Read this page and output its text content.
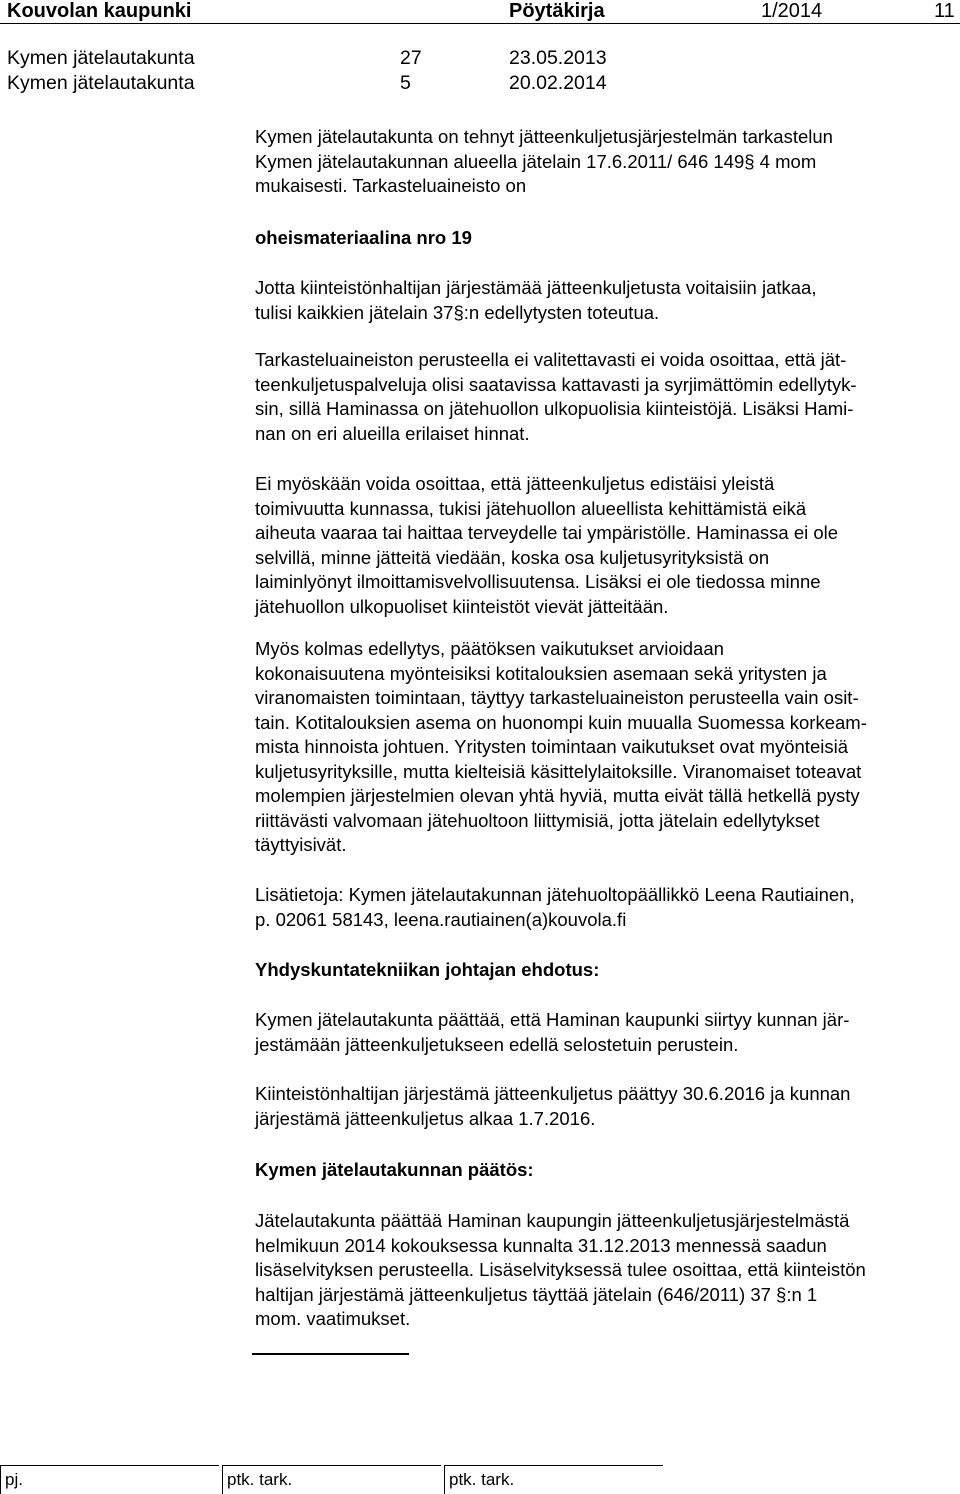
Kouvolan kaupunki	Pöytäkirja	1/2014	11
Kymen jätelautakunta	27	23.05.2013
Kymen jätelautakunta	5	20.02.2014

Kymen jätelautakunta on tehnyt jätteenkuljetusjärjestelmän tarkastelun
Kymen jätelautakunnan alueella jätelain 17.6.2011/ 646 149§ 4 mom
mukaisesti. Tarkasteluaineisto on

oheismateriaalina nro 19

Jotta kiinteistönhaltijan järjestämää jätteenkuljetusta voitaisiin jatkaa,
tulisi kaikkien jätelain 37§:n edellytysten toteutua.

Tarkasteluaineiston perusteella ei valitettavasti ei voida osoittaa, että jät-
teenkuljetuspalveluja olisi saatavissa kattavasti ja syrjimättömin edellytyk-
sin, sillä Haminassa on jätehuollon ulkopuolisia kiinteistöjä. Lisäksi Hami-
nan on eri alueilla erilaiset hinnat.

Ei myöskään voida osoittaa, että jätteenkuljetus edistäisi yleistä
toimivuutta kunnassa, tukisi jätehuollon alueellista kehittämistä eikä
aiheuta vaaraa tai haittaa terveydelle tai ympäristölle. Haminassa ei ole
selvillä, minne jätteitä viedään, koska osa kuljetusyrityksistä on
laiminlyönyt ilmoittamisvelvollisuutensa. Lisäksi ei ole tiedossa minne
jätehuollon ulkopuoliset kiinteistöt vievät jätteitään.

Myös kolmas edellytys, päätöksen vaikutukset arvioidaan
kokonaisuutena myönteisiksi kotitalouksien asemaan sekä yritysten ja
viranomaisten toimintaan, täyttyy tarkasteluaineiston perusteella vain osit-
tain. Kotitalouksien asema on huonompi kuin muualla Suomessa korkeam-
mista hinnoista johtuen. Yritysten toimintaan vaikutukset ovat myönteisiä
kuljetusyrityksille, mutta kielteisiä käsittelylaitoksille. Viranomaiset toteavat
molempien järjestelmien olevan yhtä hyviä, mutta eivät tällä hetkellä pysty
riittävästi valvomaan jätehuoltoon liittymisiä, jotta jätelain edellytykset
täyttyisivät.

Lisätietoja: Kymen jätelautakunnan jätehuoltopäällikkö Leena Rautiainen,
p. 02061 58143, leena.rautiainen(a)kouvola.fi

Yhdyskuntatekniikan johtajan ehdotus:

Kymen jätelautakunta päättää, että Haminan kaupunki siirtyy kunnan jär-
jestämään jätteenkuljetukseen edellä selostetuin perustein.

Kiinteistönhaltijan järjestämä jätteenkuljetus päättyy 30.6.2016 ja kunnan
järjestämä jätteenkuljetus alkaa 1.7.2016.

Kymen jätelautakunnan päätös:

Jätelautakunta päättää Haminan kaupungin jätteenkuljetusjärjestelmästä
helmikuun 2014 kokouksessa kunnalta 31.12.2013 mennessä saadun
lisäselvityksen perusteella. Lisäselvityksessä tulee osoittaa, että kiinteistön
haltijan järjestämä jätteenkuljetus täyttää jätelain (646/2011) 37 §:n 1
mom. vaatimukset.

pj.	ptk. tark.	ptk. tark.
